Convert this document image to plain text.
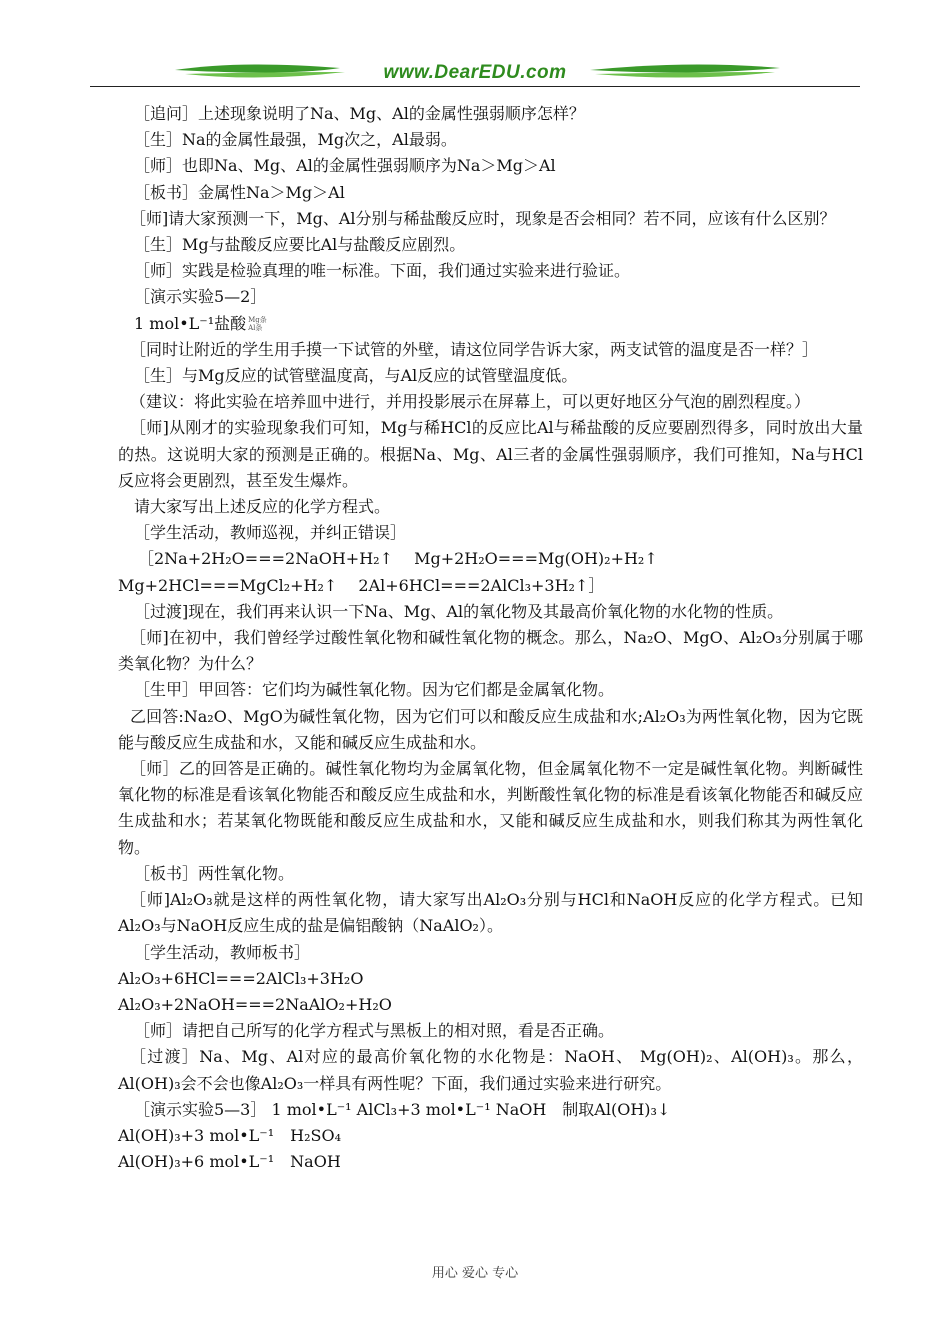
www.DearEDU.com

［追问］上述现象说明了Na、Mg、Al的金属性强弱顺序怎样？

［生］Na的金属性最强，Mg次之，Al最弱。

［师］也即Na、Mg、Al的金属性强弱顺序为Na＞Mg＞Al

［板书］金属性Na＞Mg＞Al

［师]请大家预测一下，Mg、Al分别与稀盐酸反应时，现象是否会相同？若不同，应该有什么区别？

［生］Mg与盐酸反应要比Al与盐酸反应剧烈。

［师］实践是检验真理的唯一标准。下面，我们通过实验来进行验证。

［演示实验5—2］

1 mol•L⁻¹盐酸 Mg条
Al条

［同时让附近的学生用手摸一下试管的外壁，请这位同学告诉大家，两支试管的温度是否一样？］

［生］与Mg反应的试管壁温度高，与Al反应的试管壁温度低。

（建议：将此实验在培养皿中进行，并用投影展示在屏幕上，可以更好地区分气泡的剧烈程度。）

［师]从刚才的实验现象我们可知，Mg与稀HCl的反应比Al与稀盐酸的反应要剧烈得多，同时放出大量的热。这说明大家的预测是正确的。根据Na、Mg、Al三者的金属性强弱顺序，我们可推知，Na与HCl反应将会更剧烈，甚至发生爆炸。

请大家写出上述反应的化学方程式。

［学生活动，教师巡视，并纠正错误］

［2Na+2H₂O===2NaOH+H₂↑　 Mg+2H₂O===Mg(OH)₂+H₂↑

Mg+2HCl===MgCl₂+H₂↑　 2Al+6HCl===2AlCl₃+3H₂↑］

［过渡]现在，我们再来认识一下Na、Mg、Al的氧化物及其最高价氧化物的水化物的性质。

［师]在初中，我们曾经学过酸性氧化物和碱性氧化物的概念。那么，Na₂O、MgO、Al₂O₃分别属于哪类氧化物？为什么？

［生甲］甲回答：它们均为碱性氧化物。因为它们都是金属氧化物。

乙回答:Na₂O、MgO为碱性氧化物，因为它们可以和酸反应生成盐和水;Al₂O₃为两性氧化物，因为它既能与酸反应生成盐和水，又能和碱反应生成盐和水。

［师］乙的回答是正确的。碱性氧化物均为金属氧化物，但金属氧化物不一定是碱性氧化物。判断碱性氧化物的标准是看该氧化物能否和酸反应生成盐和水，判断酸性氧化物的标准是看该氧化物能否和碱反应生成盐和水；若某氧化物既能和酸反应生成盐和水，又能和碱反应生成盐和水，则我们称其为两性氧化物。

［板书］两性氧化物。

［师]Al₂O₃就是这样的两性氧化物，请大家写出Al₂O₃分别与HCl和NaOH反应的化学方程式。已知Al₂O₃与NaOH反应生成的盐是偏铝酸钠（NaAlO₂）。

［学生活动，教师板书］

Al₂O₃+6HCl===2AlCl₃+3H₂O

Al₂O₃+2NaOH===2NaAlO₂+H₂O

［师］请把自己所写的化学方程式与黑板上的相对照，看是否正确。

［过渡］Na、Mg、Al对应的最高价氧化物的水化物是：NaOH、 Mg(OH)₂、Al(OH)₃。那么，Al(OH)₃会不会也像Al₂O₃一样具有两性呢？下面，我们通过实验来进行研究。

［演示实验5—3］ 1 mol•L⁻¹ AlCl₃+3 mol•L⁻¹ NaOH　制取Al(OH)₃↓

Al(OH)₃+3 mol•L⁻¹　H₂SO₄

Al(OH)₃+6 mol•L⁻¹　NaOH

用心 爱心 专心
